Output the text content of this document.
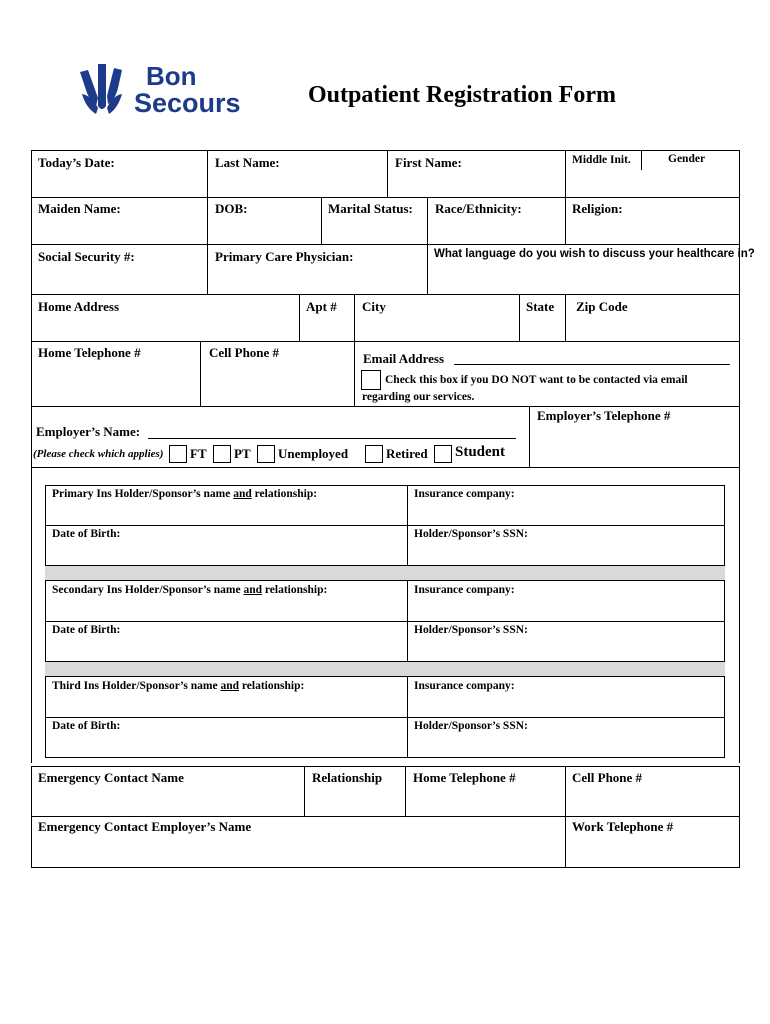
Bon
Secours	Outpatient Registration Form
Today’s Date:	Last Name:	First Name:	Middle Init.	Gender
Maiden Name:	DOB:	Marital Status: Race/Ethnicity:	Religion:
Social Security #:	Primary Care Physician:	What language do you wish to discuss your healthcare in?
Home Address	Apt # City	State Zip Code
Home Telephone #	Cell Phone #	Email Address
Check this box if you DO NOT want to be contacted via email
regarding our services.
Employer’s Telephone #
Employer’s Name:
(Please check which applies) FT PT Unemployed	Retired Student
Primary Ins Holder/Sponsor’s name and relationship:	Insurance company:
Date of Birth:	Holder/Sponsor’s SSN:
Secondary Ins Holder/Sponsor’s name and relationship:	Insurance company:
Date of Birth:	Holder/Sponsor’s SSN:
Third Ins Holder/Sponsor’s name and relationship:	Insurance company:
Date of Birth:	Holder/Sponsor’s SSN:
Emergency Contact Name	Relationship Home Telephone #	Cell Phone #
Emergency Contact Employer’s Name	Work Telephone #
